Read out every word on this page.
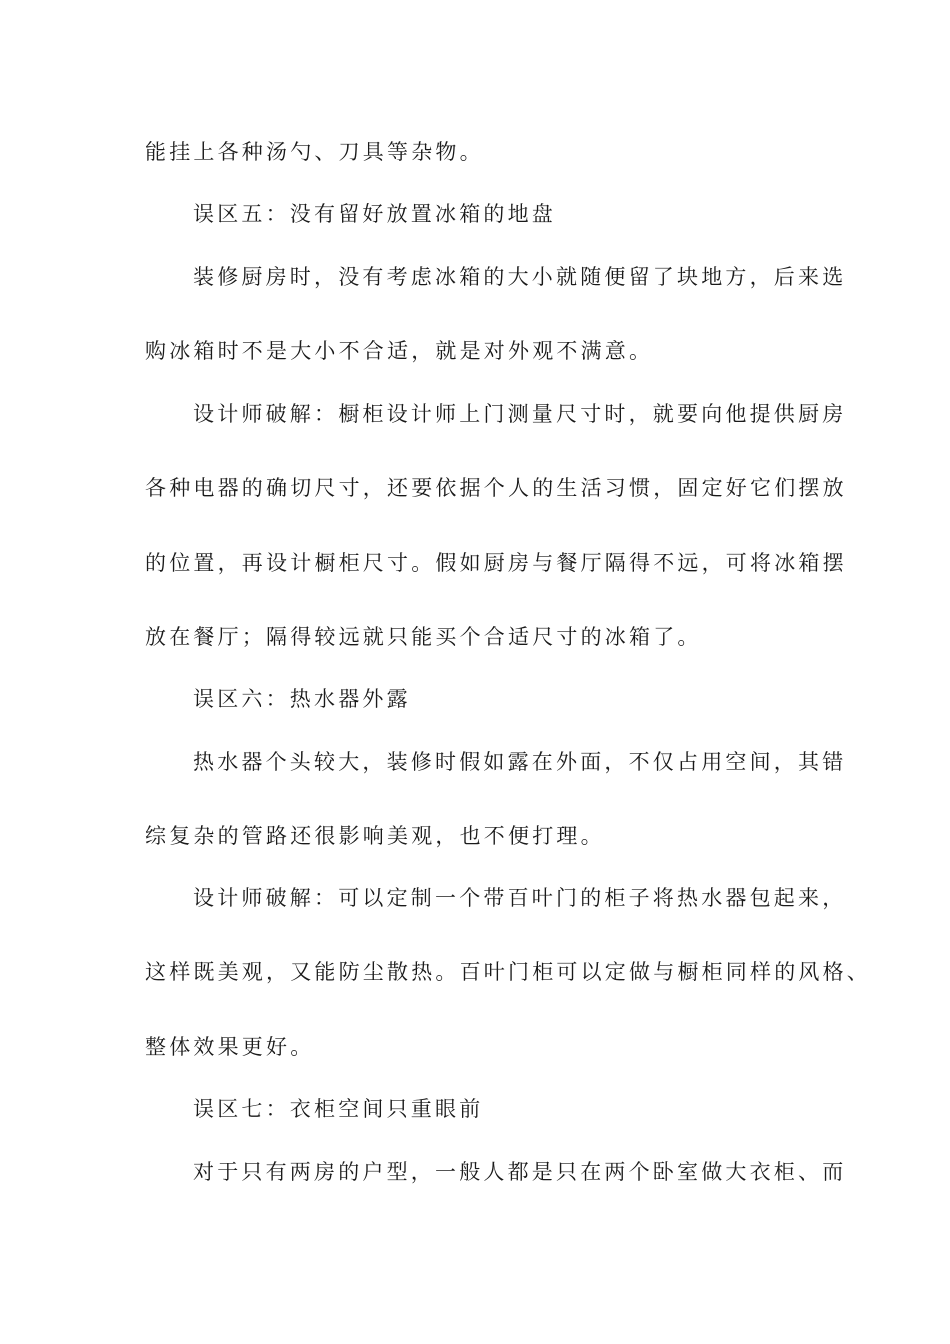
能挂上各种汤勺、刀具等杂物。
误区五：没有留好放置冰箱的地盘
装修厨房时，没有考虑冰箱的大小就随便留了块地方，后来选
购冰箱时不是大小不合适，就是对外观不满意。
设计师破解：橱柜设计师上门测量尺寸时，就要向他提供厨房
各种电器的确切尺寸，还要依据个人的生活习惯，固定好它们摆放
的位置，再设计橱柜尺寸。假如厨房与餐厅隔得不远，可将冰箱摆
放在餐厅；隔得较远就只能买个合适尺寸的冰箱了。
误区六：热水器外露
热水器个头较大，装修时假如露在外面，不仅占用空间，其错
综复杂的管路还很影响美观，也不便打理。
设计师破解：可以定制一个带百叶门的柜子将热水器包起来，
这样既美观，又能防尘散热。百叶门柜可以定做与橱柜同样的风格、
整体效果更好。
误区七：衣柜空间只重眼前
对于只有两房的户型，一般人都是只在两个卧室做大衣柜、而
